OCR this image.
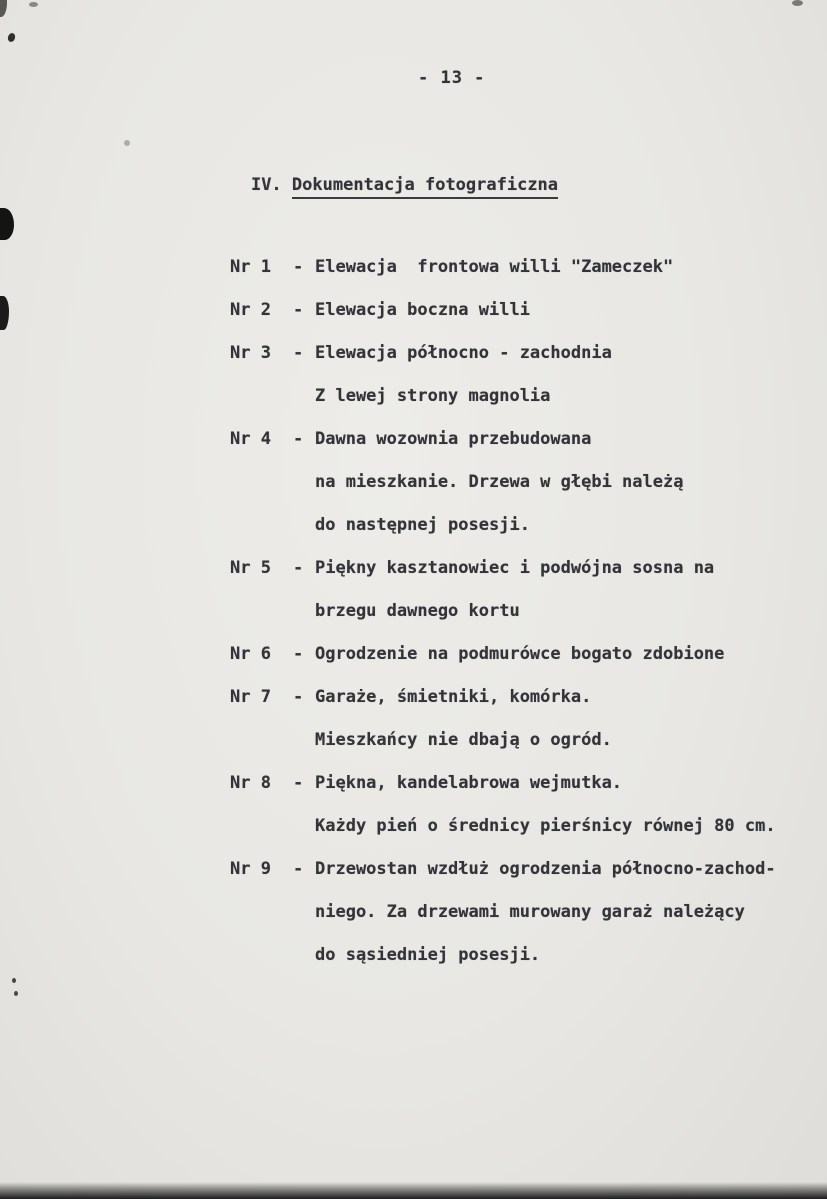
- 13 -

IV. Dokumentacja fotograficzna

Nr 1	- Elewacja  frontowa willi "Zameczek"
Nr 2	- Elewacja boczna willi
Nr 3	- Elewacja północno - zachodnia
Z lewej strony magnolia
Nr 4	- Dawna wozownia przebudowana
na mieszkanie. Drzewa w głębi należą
do następnej posesji.
Nr 5	- Piękny kasztanowiec i podwójna sosna na
brzegu dawnego kortu
Nr 6	- Ogrodzenie na podmurówce bogato zdobione
Nr 7	- Garaże, śmietniki, komórka.
Mieszkańcy nie dbają o ogród.
Nr 8	- Piękna, kandelabrowa wejmutka.
Każdy pień o średnicy pierśnicy równej 80 cm.
Nr 9	- Drzewostan wzdłuż ogrodzenia północno-zachod-
niego. Za drzewami murowany garaż należący
do sąsiedniej posesji.
